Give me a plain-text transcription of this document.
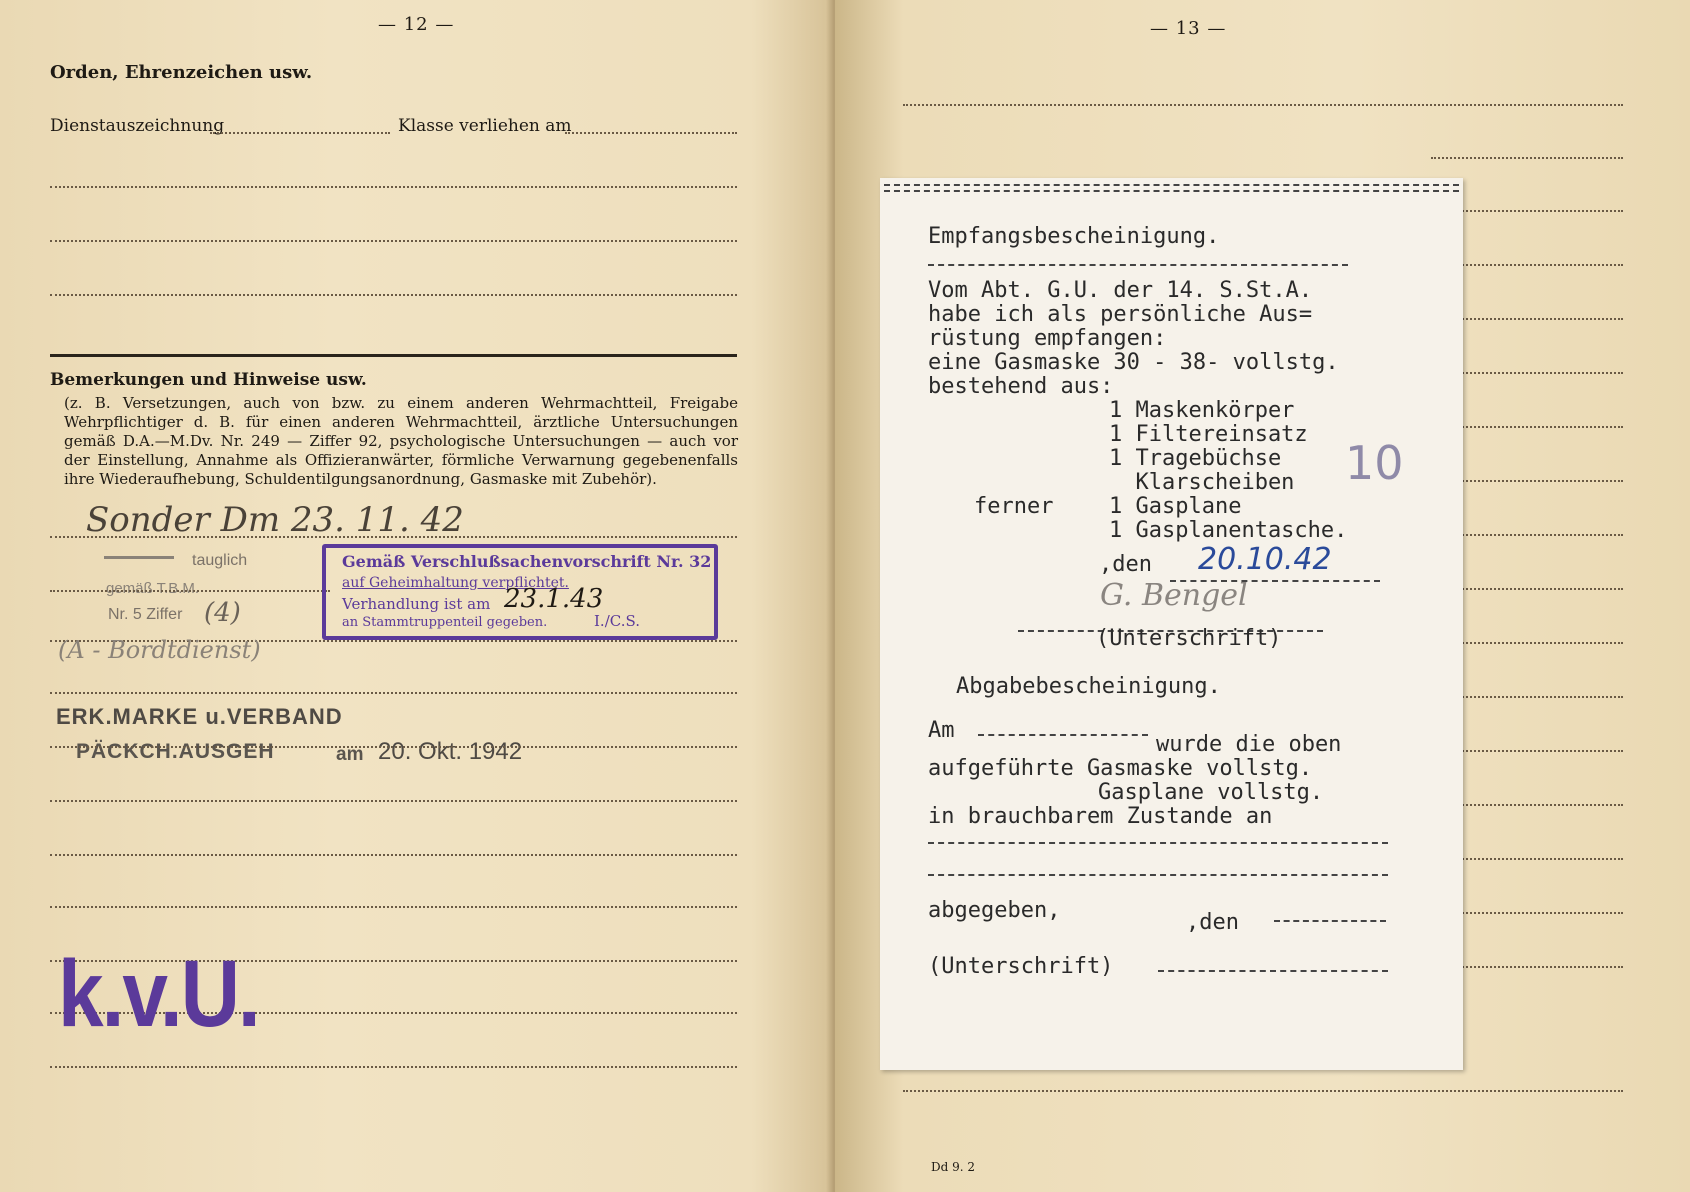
— 12 —
Orden, Ehrenzeichen usw.
Dienstauszeichnung	Klasse verliehen am
Bemerkungen und Hinweise usw.
(z. B. Versetzungen, auch von bzw. zu einem anderen Wehrmachtteil, Freigabe Wehrpflichtiger d. B. für einen anderen Wehrmachtteil, ärztliche Untersuchungen gemäß D.A.—M.Dv. Nr. 249 — Ziffer 92, psychologische Untersuchungen — auch vor der Einstellung, Annahme als Offizieranwärter, förmliche Verwarnung gegebenenfalls ihre Wiederaufhebung, Schuldentilgungsanordnung, Gasmaske mit Zubehör).
Sonder Dm 23. 11. 42
tauglich
gemäß T.B.M.
Nr. 5 Ziffer (4)
Gemäß Verschlußsachenvorschrift Nr. 32
auf Geheimhaltung verpflichtet.
Verhandlung ist am 23.1.43
an Stammtruppenteil gegeben.	I./C.S.
(A - Bordtdienst)
ERK.MARKE u.VERBAND
PÄCKCH.AUSGEH	am 20. Okt. 1942
k.v.U.
— 13 —
Dd 9. 2
Empfangsbescheinigung.
Vom Abt. G.U. der 14. S.St.A.
habe ich als persönliche Aus=
rüstung empfangen:
eine Gasmaske 30 - 38- vollstg.
bestehend aus:
1 Maskenkörper
1 Filtereinsatz
1 Tragebüchse
Klarscheiben 10
ferner	1 Gasplane
1 Gasplanentasche.
,den 20.10.42
G. Bengel
(Unterschrift)
Abgabebescheinigung.
Am
wurde die oben
aufgeführte Gasmaske vollstg.
Gasplane vollstg.
in brauchbarem Zustande an
abgegeben,	,den
(Unterschrift)
